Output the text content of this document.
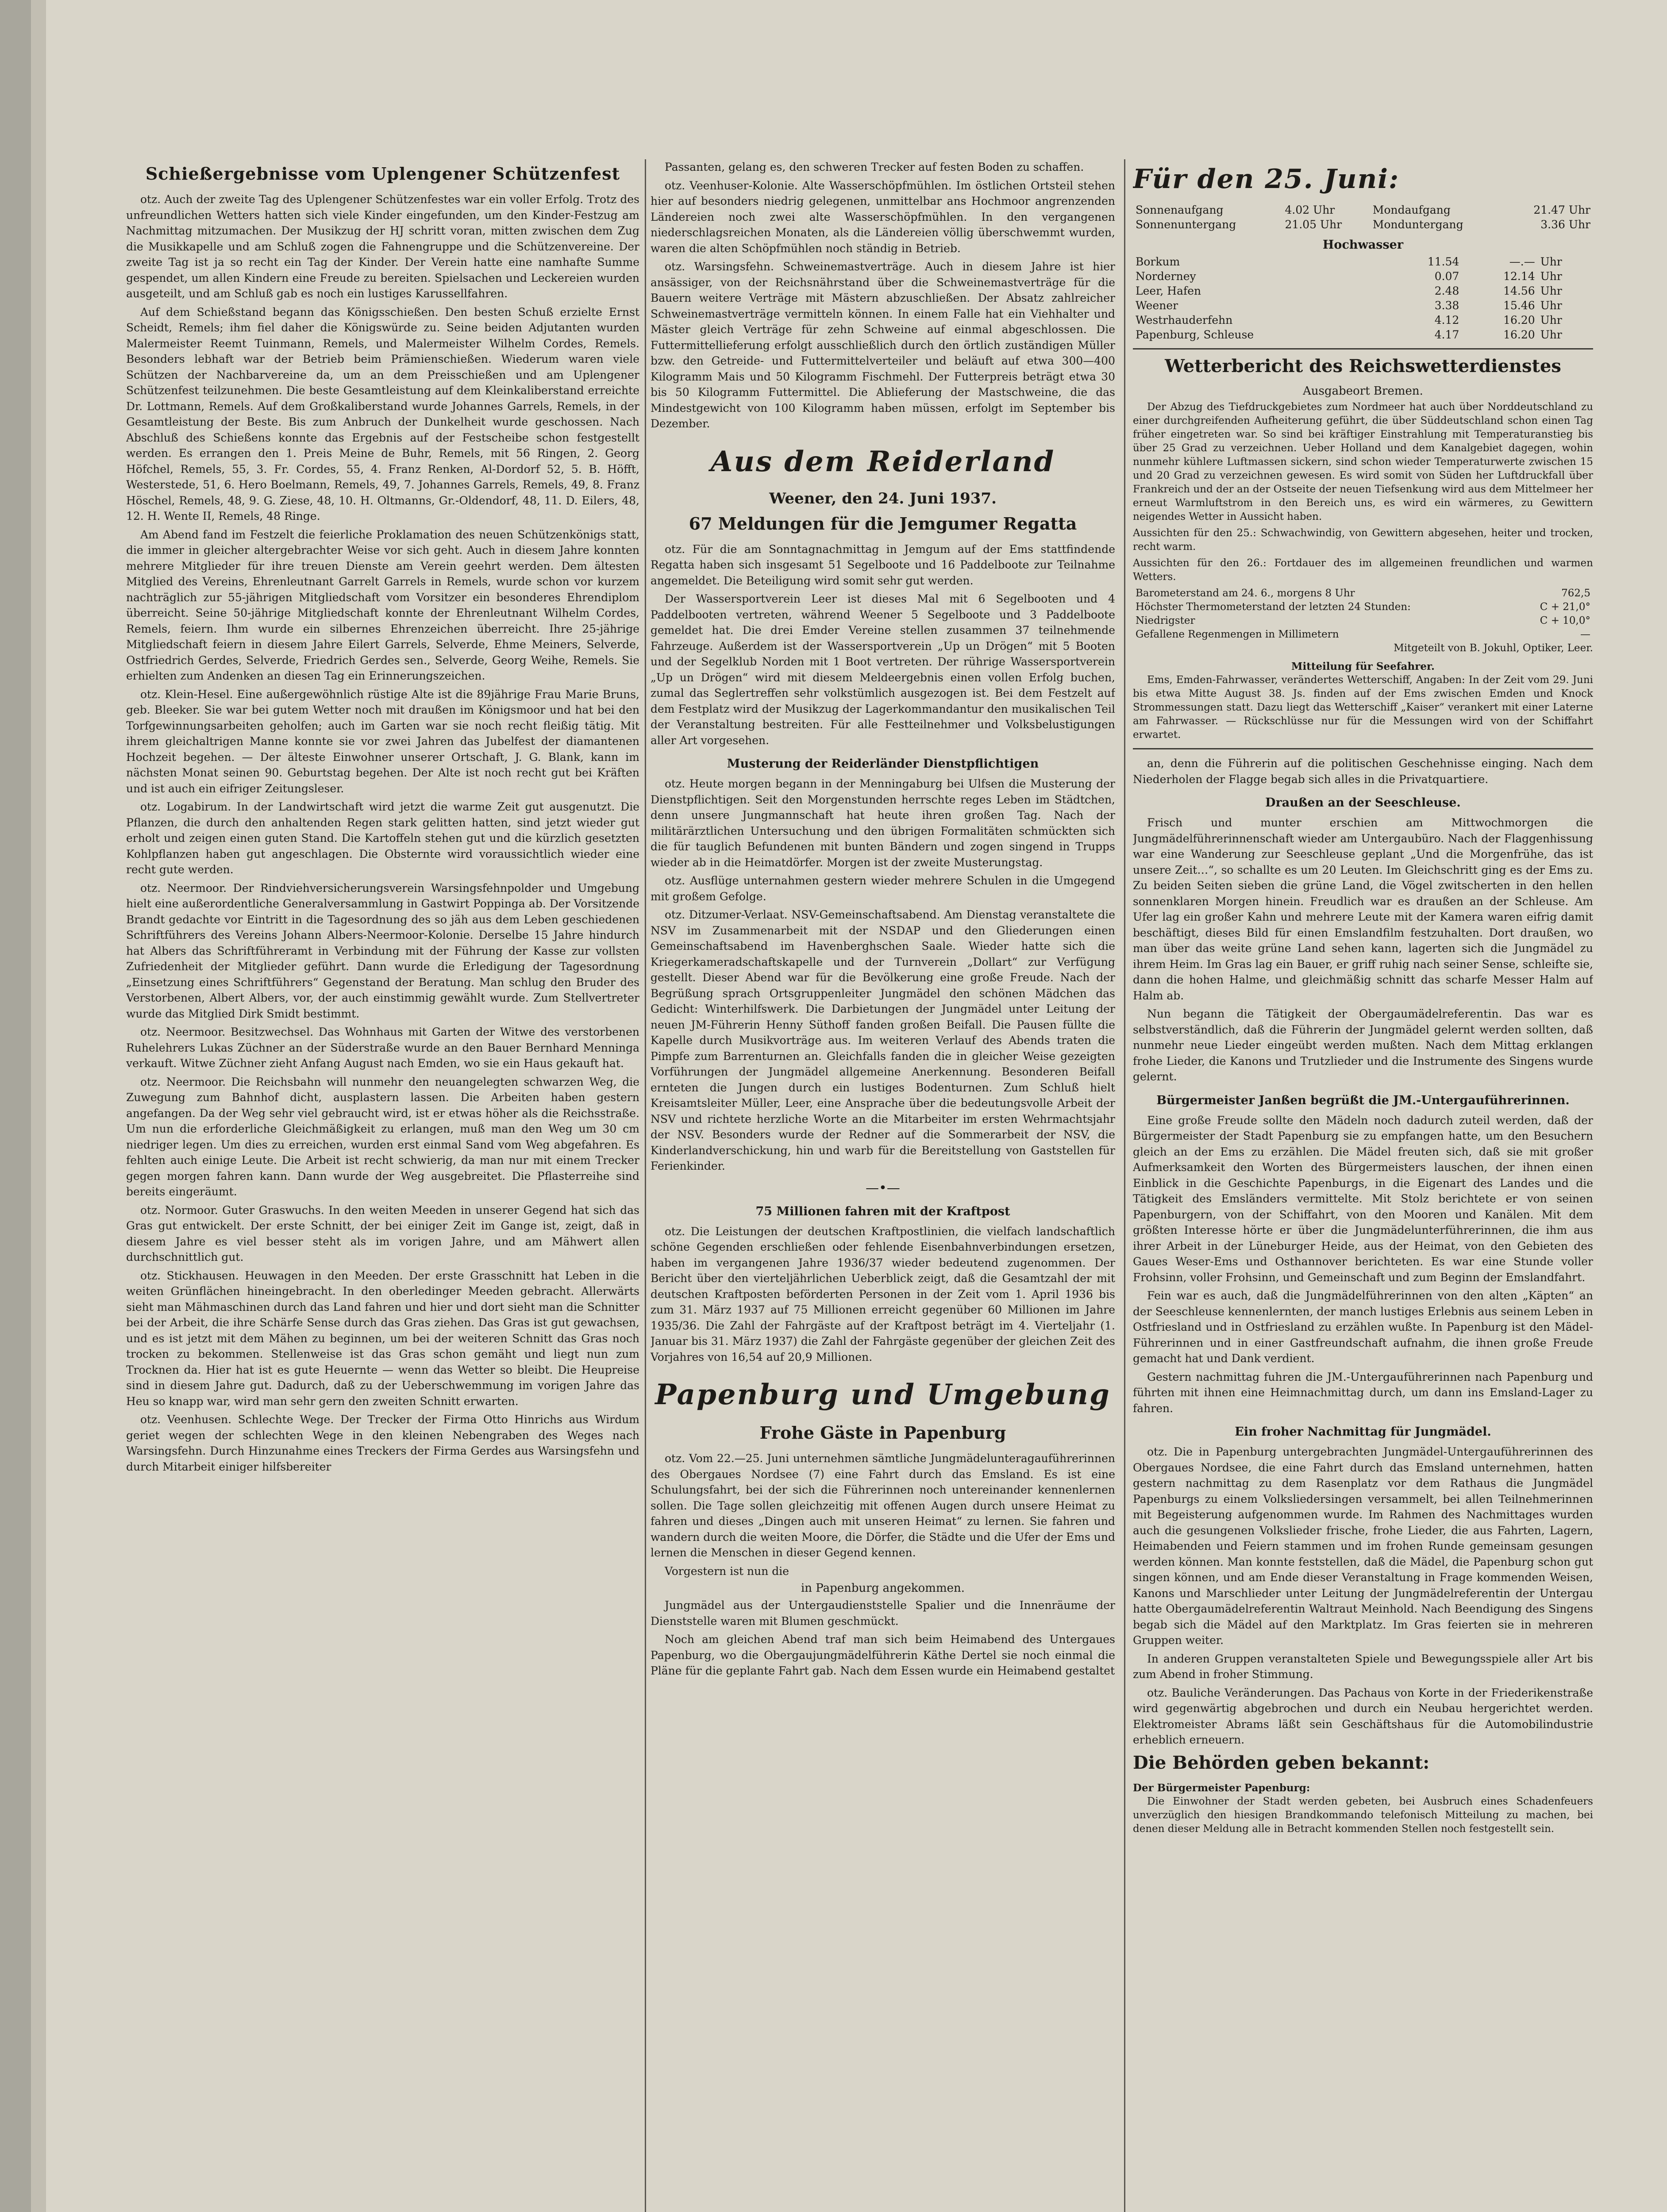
Schießergebnisse vom Uplengener Schützenfest

otz. Auch der zweite Tag des Uplengener Schützenfestes war ein voller Erfolg. Trotz des unfreundlichen Wetters hatten sich viele Kinder eingefunden, um den Kinder-Festzug am Nachmittag mitzumachen. Der Musikzug der HJ schritt voran, mitten zwischen dem Zug die Musikkapelle und am Schluß zogen die Fahnengruppe und die Schützenvereine. Der zweite Tag ist ja so recht ein Tag der Kinder. Der Verein hatte eine namhafte Summe gespendet, um allen Kindern eine Freude zu bereiten. Spielsachen und Leckereien wurden ausgeteilt, und am Schluß gab es noch ein lustiges Karussellfahren.

Auf dem Schießstand begann das Königsschießen. Den besten Schuß erzielte Ernst Scheidt, Remels; ihm fiel daher die Königswürde zu. Seine beiden Adjutanten wurden Malermeister Reemt Tuinmann, Remels, und Malermeister Wilhelm Cordes, Remels. Besonders lebhaft war der Betrieb beim Prämienschießen. Wiederum waren viele Schützen der Nachbarvereine da, um an dem Preisschießen und am Uplengener Schützenfest teilzunehmen. Die beste Gesamtleistung auf dem Kleinkaliberstand erreichte Dr. Lottmann, Remels. Auf dem Großkaliberstand wurde Johannes Garrels, Remels, in der Gesamtleistung der Beste. Bis zum Anbruch der Dunkelheit wurde geschossen. Nach Abschluß des Schießens konnte das Ergebnis auf der Festscheibe schon festgestellt werden. Es errangen den 1. Preis Meine de Buhr, Remels, mit 56 Ringen, 2. Georg Höfchel, Remels, 55, 3. Fr. Cordes, 55, 4. Franz Renken, Al-Dordorf 52, 5. B. Höfft, Westerstede, 51, 6. Hero Boelmann, Remels, 49, 7. Johannes Garrels, Remels, 49, 8. Franz Höschel, Remels, 48, 9. G. Ziese, 48, 10. H. Oltmanns, Gr.-Oldendorf, 48, 11. D. Eilers, 48, 12. H. Wente II, Remels, 48 Ringe.

Am Abend fand im Festzelt die feierliche Proklamation des neuen Schützenkönigs statt, die immer in gleicher altergebrachter Weise vor sich geht. Auch in diesem Jahre konnten mehrere Mitglieder für ihre treuen Dienste am Verein geehrt werden. Dem ältesten Mitglied des Vereins, Ehrenleutnant Garrelt Garrels in Remels, wurde schon vor kurzem nachträglich zur 55-jährigen Mitgliedschaft vom Vorsitzer ein besonderes Ehrendiplom überreicht. Seine 50-jährige Mitgliedschaft konnte der Ehrenleutnant Wilhelm Cordes, Remels, feiern. Ihm wurde ein silbernes Ehrenzeichen überreicht. Ihre 25-jährige Mitgliedschaft feiern in diesem Jahre Eilert Garrels, Selverde, Ehme Meiners, Selverde, Ostfriedrich Gerdes, Selverde, Friedrich Gerdes sen., Selverde, Georg Weihe, Remels. Sie erhielten zum Andenken an diesen Tag ein Erinnerungszeichen.

otz. Klein-Hesel. Eine außergewöhnlich rüstige Alte ist die 89jährige Frau Marie Bruns, geb. Bleeker. Sie war bei gutem Wetter noch mit draußen im Königsmoor und hat bei den Torfgewinnungsarbeiten geholfen; auch im Garten war sie noch recht fleißig tätig. Mit ihrem gleichaltrigen Manne konnte sie vor zwei Jahren das Jubelfest der diamantenen Hochzeit begehen. — Der älteste Einwohner unserer Ortschaft, J. G. Blank, kann im nächsten Monat seinen 90. Geburtstag begehen. Der Alte ist noch recht gut bei Kräften und ist auch ein eifriger Zeitungsleser.

otz. Logabirum. In der Landwirtschaft wird jetzt die warme Zeit gut ausgenutzt. Die Pflanzen, die durch den anhaltenden Regen stark gelitten hatten, sind jetzt wieder gut erholt und zeigen einen guten Stand. Die Kartoffeln stehen gut und die kürzlich gesetzten Kohlpflanzen haben gut angeschlagen. Die Obsternte wird voraussichtlich wieder eine recht gute werden.

otz. Neermoor. Der Rindviehversicherungsverein Warsingsfehnpolder und Umgebung hielt eine außerordentliche Generalversammlung in Gastwirt Poppinga ab. Der Vorsitzende Brandt gedachte vor Eintritt in die Tagesordnung des so jäh aus dem Leben geschiedenen Schriftführers des Vereins Johann Albers-Neermoor-Kolonie. Derselbe 15 Jahre hindurch hat Albers das Schriftführeramt in Verbindung mit der Führung der Kasse zur vollsten Zufriedenheit der Mitglieder geführt. Dann wurde die Erledigung der Tagesordnung „Einsetzung eines Schriftführers“ Gegenstand der Beratung. Man schlug den Bruder des Verstorbenen, Albert Albers, vor, der auch einstimmig gewählt wurde. Zum Stellvertreter wurde das Mitglied Dirk Smidt bestimmt.

otz. Neermoor. Besitzwechsel. Das Wohnhaus mit Garten der Witwe des verstorbenen Ruhelehrers Lukas Züchner an der Süderstraße wurde an den Bauer Bernhard Menninga verkauft. Witwe Züchner zieht Anfang August nach Emden, wo sie ein Haus gekauft hat.

otz. Neermoor. Die Reichsbahn will nunmehr den neuangelegten schwarzen Weg, die Zuwegung zum Bahnhof dicht, ausplastern lassen. Die Arbeiten haben gestern angefangen. Da der Weg sehr viel gebraucht wird, ist er etwas höher als die Reichsstraße. Um nun die erforderliche Gleichmäßigkeit zu erlangen, muß man den Weg um 30 cm niedriger legen. Um dies zu erreichen, wurden erst einmal Sand vom Weg abgefahren. Es fehlten auch einige Leute. Die Arbeit ist recht schwierig, da man nur mit einem Trecker gegen morgen fahren kann. Dann wurde der Weg ausgebreitet. Die Pflasterreihe sind bereits eingeräumt.

otz. Normoor. Guter Graswuchs. In den weiten Meeden in unserer Gegend hat sich das Gras gut entwickelt. Der erste Schnitt, der bei einiger Zeit im Gange ist, zeigt, daß in diesem Jahre es viel besser steht als im vorigen Jahre, und am Mähwert allen durchschnittlich gut.

otz. Stickhausen. Heuwagen in den Meeden. Der erste Grasschnitt hat Leben in die weiten Grünflächen hineingebracht. In den oberledinger Meeden gebracht. Allerwärts sieht man Mähmaschinen durch das Land fahren und hier und dort sieht man die Schnitter bei der Arbeit, die ihre Schärfe Sense durch das Gras ziehen. Das Gras ist gut gewachsen, und es ist jetzt mit dem Mähen zu beginnen, um bei der weiteren Schnitt das Gras noch trocken zu bekommen. Stellenweise ist das Gras schon gemäht und liegt nun zum Trocknen da. Hier hat ist es gute Heuernte — wenn das Wetter so bleibt. Die Heupreise sind in diesem Jahre gut. Dadurch, daß zu der Ueberschwemmung im vorigen Jahre das Heu so knapp war, wird man sehr gern den zweiten Schnitt erwarten.

otz. Veenhusen. Schlechte Wege. Der Trecker der Firma Otto Hinrichs aus Wirdum geriet wegen der schlechten Wege in den kleinen Nebengraben des Weges nach Warsingsfehn. Durch Hinzunahme eines Treckers der Firma Gerdes aus Warsingsfehn und durch Mitarbeit einiger hilfsbereiter

Passanten, gelang es, den schweren Trecker auf festen Boden zu schaffen.

otz. Veenhuser-Kolonie. Alte Wasserschöpfmühlen. Im östlichen Ortsteil stehen hier auf besonders niedrig gelegenen, unmittelbar ans Hochmoor angrenzenden Ländereien noch zwei alte Wasserschöpfmühlen. In den vergangenen niederschlagsreichen Monaten, als die Ländereien völlig überschwemmt wurden, waren die alten Schöpfmühlen noch ständig in Betrieb.

otz. Warsingsfehn. Schweinemastverträge. Auch in diesem Jahre ist hier ansässiger, von der Reichsnährstand über die Schweinemastverträge für die Bauern weitere Verträge mit Mästern abzuschließen. Der Absatz zahlreicher Schweinemastverträge vermitteln können. In einem Falle hat ein Viehhalter und Mäster gleich Verträge für zehn Schweine auf einmal abgeschlossen. Die Futtermittellieferung erfolgt ausschließlich durch den örtlich zuständigen Müller bzw. den Getreide- und Futtermittelverteiler und beläuft auf etwa 300—400 Kilogramm Mais und 50 Kilogramm Fischmehl. Der Futterpreis beträgt etwa 30 bis 50 Kilogramm Futtermittel. Die Ablieferung der Mastschweine, die das Mindestgewicht von 100 Kilogramm haben müssen, erfolgt im September bis Dezember.

Aus dem Reiderland
Weener, den 24. Juni 1937.
67 Meldungen für die Jemgumer Regatta

otz. Für die am Sonntagnachmittag in Jemgum auf der Ems stattfindende Regatta haben sich insgesamt 51 Segelboote und 16 Paddelboote zur Teilnahme angemeldet. Die Beteiligung wird somit sehr gut werden.

Der Wassersportverein Leer ist dieses Mal mit 6 Segelbooten und 4 Paddelbooten vertreten, während Weener 5 Segelboote und 3 Paddelboote gemeldet hat. Die drei Emder Vereine stellen zusammen 37 teilnehmende Fahrzeuge. Außerdem ist der Wassersportverein „Up un Drögen“ mit 5 Booten und der Segelklub Norden mit 1 Boot vertreten. Der rührige Wassersportverein „Up un Drögen“ wird mit diesem Meldeergebnis einen vollen Erfolg buchen, zumal das Seglertreffen sehr volkstümlich ausgezogen ist. Bei dem Festzelt auf dem Festplatz wird der Musikzug der Lagerkommandantur den musikalischen Teil der Veranstaltung bestreiten. Für alle Festteilnehmer und Volksbelustigungen aller Art vorgesehen.

Musterung der Reiderländer Dienstpflichtigen

otz. Heute morgen begann in der Menningaburg bei Ulfsen die Musterung der Dienstpflichtigen. Seit den Morgenstunden herrschte reges Leben im Städtchen, denn unsere Jungmannschaft hat heute ihren großen Tag. Nach der militärärztlichen Untersuchung und den übrigen Formalitäten schmückten sich die für tauglich Befundenen mit bunten Bändern und zogen singend in Trupps wieder ab in die Heimatdörfer. Morgen ist der zweite Musterungstag.

otz. Ausflüge unternahmen gestern wieder mehrere Schulen in die Umgegend mit großem Gefolge.

otz. Ditzumer-Verlaat. NSV-Gemeinschaftsabend. Am Dienstag veranstaltete die NSV im Zusammenarbeit mit der NSDAP und den Gliederungen einen Gemeinschaftsabend im Havenberghschen Saale. Wieder hatte sich die Kriegerkameradschaftskapelle und der Turnverein „Dollart“ zur Verfügung gestellt. Dieser Abend war für die Bevölkerung eine große Freude. Nach der Begrüßung sprach Ortsgruppenleiter Jungmädel den schönen Mädchen das Gedicht: Winterhilfswerk. Die Darbietungen der Jungmädel unter Leitung der neuen JM-Führerin Henny Süthoff fanden großen Beifall. Die Pausen füllte die Kapelle durch Musikvorträge aus. Im weiteren Verlauf des Abends traten die Pimpfe zum Barrenturnen an. Gleichfalls fanden die in gleicher Weise gezeigten Vorführungen der Jungmädel allgemeine Anerkennung. Besonderen Beifall ernteten die Jungen durch ein lustiges Bodenturnen. Zum Schluß hielt Kreisamtsleiter Müller, Leer, eine Ansprache über die bedeutungsvolle Arbeit der NSV und richtete herzliche Worte an die Mitarbeiter im ersten Wehrmachtsjahr der NSV. Besonders wurde der Redner auf die Sommerarbeit der NSV, die Kinderlandverschickung, hin und warb für die Bereitstellung von Gaststellen für Ferienkinder.

—•—
75 Millionen fahren mit der Kraftpost

otz. Die Leistungen der deutschen Kraftpostlinien, die vielfach landschaftlich schöne Gegenden erschließen oder fehlende Eisenbahnverbindungen ersetzen, haben im vergangenen Jahre 1936/37 wieder bedeutend zugenommen. Der Bericht über den vierteljährlichen Ueberblick zeigt, daß die Gesamtzahl der mit deutschen Kraftposten beförderten Personen in der Zeit vom 1. April 1936 bis zum 31. März 1937 auf 75 Millionen erreicht gegenüber 60 Millionen im Jahre 1935/36. Die Zahl der Fahrgäste auf der Kraftpost beträgt im 4. Vierteljahr (1. Januar bis 31. März 1937) die Zahl der Fahrgäste gegenüber der gleichen Zeit des Vorjahres von 16,54 auf 20,9 Millionen.

Papenburg und Umgebung
Frohe Gäste in Papenburg

otz. Vom 22.—25. Juni unternehmen sämtliche Jungmädelunteragauführerinnen des Obergaues Nordsee (7) eine Fahrt durch das Emsland. Es ist eine Schulungsfahrt, bei der sich die Führerinnen noch untereinander kennenlernen sollen. Die Tage sollen gleichzeitig mit offenen Augen durch unsere Heimat zu fahren und dieses „Dingen auch mit unseren Heimat“ zu lernen. Sie fahren und wandern durch die weiten Moore, die Dörfer, die Städte und die Ufer der Ems und lernen die Menschen in dieser Gegend kennen.

Vorgestern ist nun die

in Papenburg angekommen.

Jungmädel aus der Untergaudienststelle Spalier und die Innenräume der Dienststelle waren mit Blumen geschmückt.

Noch am gleichen Abend traf man sich beim Heimabend des Untergaues Papenburg, wo die Obergaujungmädelführerin Käthe Dertel sie noch einmal die Pläne für die geplante Fahrt gab. Nach dem Essen wurde ein Heimabend gestaltet

Für den 25. Juni:
Sonnenaufgang	4.02 Uhr	Mondaufgang	21.47 Uhr
Sonnenuntergang	21.05 Uhr	Monduntergang	3.36 Uhr
Hochwasser
Borkum	11.54	—.—	Uhr
Norderney	0.07	12.14	Uhr
Leer, Hafen	2.48	14.56	Uhr
Weener	3.38	15.46	Uhr
Westrhauderfehn	4.12	16.20	Uhr
Papenburg, Schleuse	4.17	16.20	Uhr
Wetterbericht des Reichswetterdienstes
Ausgabeort Bremen.

Der Abzug des Tiefdruckgebietes zum Nordmeer hat auch über Norddeutschland zu einer durchgreifenden Aufheiterung geführt, die über Süddeutschland schon einen Tag früher eingetreten war. So sind bei kräftiger Einstrahlung mit Temperaturanstieg bis über 25 Grad zu verzeichnen. Ueber Holland und dem Kanalgebiet dagegen, wohin nunmehr kühlere Luftmassen sickern, sind schon wieder Temperaturwerte zwischen 15 und 20 Grad zu verzeichnen gewesen. Es wird somit von Süden her Luftdruckfall über Frankreich und der an der Ostseite der neuen Tiefsenkung wird aus dem Mittelmeer her erneut Warmluftstrom in den Bereich uns, es wird ein wärmeres, zu Gewittern neigendes Wetter in Aussicht haben.

Aussichten für den 25.: Schwachwindig, von Gewittern abgesehen, heiter und trocken, recht warm.

Aussichten für den 26.: Fortdauer des im allgemeinen freundlichen und warmen Wetters.

Barometerstand am 24. 6., morgens 8 Uhr	762,5
Höchster Thermometerstand der letzten 24 Stunden:	C + 21,0°
Niedrigster	C + 10,0°
Gefallene Regenmengen in Millimetern	—
Mitgeteilt von B. Jokuhl, Optiker, Leer.
Mitteilung für Seefahrer.

Ems, Emden-Fahrwasser, verändertes Wetterschiff, Angaben: In der Zeit vom 29. Juni bis etwa Mitte August 38. Js. finden auf der Ems zwischen Emden und Knock Strommessungen statt. Dazu liegt das Wetterschiff „Kaiser“ verankert mit einer Laterne am Fahrwasser. — Rückschlüsse nur für die Messungen wird von der Schiffahrt erwartet.

an, denn die Führerin auf die politischen Geschehnisse einging. Nach dem Niederholen der Flagge begab sich alles in die Privatquartiere.

Draußen an der Seeschleuse.

Frisch und munter erschien am Mittwochmorgen die Jungmädelführerinnenschaft wieder am Untergaubüro. Nach der Flaggenhissung war eine Wanderung zur Seeschleuse geplant „Und die Morgenfrühe, das ist unsere Zeit…“, so schallte es um 20 Leuten. Im Gleichschritt ging es der Ems zu. Zu beiden Seiten sieben die grüne Land, die Vögel zwitscherten in den hellen sonnenklaren Morgen hinein. Freudlich war es draußen an der Schleuse. Am Ufer lag ein großer Kahn und mehrere Leute mit der Kamera waren eifrig damit beschäftigt, dieses Bild für einen Emslandfilm festzuhalten. Dort draußen, wo man über das weite grüne Land sehen kann, lagerten sich die Jungmädel zu ihrem Heim. Im Gras lag ein Bauer, er griff ruhig nach seiner Sense, schleifte sie, dann die hohen Halme, und gleichmäßig schnitt das scharfe Messer Halm auf Halm ab.

Nun begann die Tätigkeit der Obergaumädelreferentin. Das war es selbstverständlich, daß die Führerin der Jungmädel gelernt werden sollten, daß nunmehr neue Lieder eingeübt werden mußten. Nach dem Mittag erklangen frohe Lieder, die Kanons und Trutzlieder und die Instrumente des Singens wurde gelernt.

Bürgermeister Janßen begrüßt die JM.-Untergauführerinnen.

Eine große Freude sollte den Mädeln noch dadurch zuteil werden, daß der Bürgermeister der Stadt Papenburg sie zu empfangen hatte, um den Besuchern gleich an der Ems zu erzählen. Die Mädel freuten sich, daß sie mit großer Aufmerksamkeit den Worten des Bürgermeisters lauschen, der ihnen einen Einblick in die Geschichte Papenburgs, in die Eigenart des Landes und die Tätigkeit des Emsländers vermittelte. Mit Stolz berichtete er von seinen Papenburgern, von der Schiffahrt, von den Mooren und Kanälen. Mit dem größten Interesse hörte er über die Jungmädelunterführerinnen, die ihm aus ihrer Arbeit in der Lüneburger Heide, aus der Heimat, von den Gebieten des Gaues Weser-Ems und Osthannover berichteten. Es war eine Stunde voller Frohsinn, voller Frohsinn, und Gemeinschaft und zum Beginn der Emslandfahrt.

Fein war es auch, daß die Jungmädelführerinnen von den alten „Käpten“ an der Seeschleuse kennenlernten, der manch lustiges Erlebnis aus seinem Leben in Ostfriesland und in Ostfriesland zu erzählen wußte. In Papenburg ist den Mädel-Führerinnen und in einer Gastfreundschaft aufnahm, die ihnen große Freude gemacht hat und Dank verdient.

Gestern nachmittag fuhren die JM.-Untergauführerinnen nach Papenburg und führten mit ihnen eine Heimnachmittag durch, um dann ins Emsland-Lager zu fahren.

Ein froher Nachmittag für Jungmädel.

otz. Die in Papenburg untergebrachten Jungmädel-Untergauführerinnen des Obergaues Nordsee, die eine Fahrt durch das Emsland unternehmen, hatten gestern nachmittag zu dem Rasenplatz vor dem Rathaus die Jungmädel Papenburgs zu einem Volksliedersingen versammelt, bei allen Teilnehmerinnen mit Begeisterung aufgenommen wurde. Im Rahmen des Nachmittages wurden auch die gesungenen Volkslieder frische, frohe Lieder, die aus Fahrten, Lagern, Heimabenden und Feiern stammen und im frohen Runde gemeinsam gesungen werden können. Man konnte feststellen, daß die Mädel, die Papenburg schon gut singen können, und am Ende dieser Veranstaltung in Frage kommenden Weisen, Kanons und Marschlieder unter Leitung der Jungmädelreferentin der Untergau hatte Obergaumädelreferentin Waltraut Meinhold. Nach Beendigung des Singens begab sich die Mädel auf den Marktplatz. Im Gras feierten sie in mehreren Gruppen weiter.

In anderen Gruppen veranstalteten Spiele und Bewegungsspiele aller Art bis zum Abend in froher Stimmung.

otz. Bauliche Veränderungen. Das Pachaus von Korte in der Friederikenstraße wird gegenwärtig abgebrochen und durch ein Neubau hergerichtet werden. Elektromeister Abrams läßt sein Geschäftshaus für die Automobilindustrie erheblich erneuern.

Die Behörden geben bekannt:
Der Bürgermeister Papenburg:

Die Einwohner der Stadt werden gebeten, bei Ausbruch eines Schadenfeuers unverzüglich den hiesigen Brandkommando telefonisch Mitteilung zu machen, bei denen dieser Meldung alle in Betracht kommenden Stellen noch festgestellt sein.
